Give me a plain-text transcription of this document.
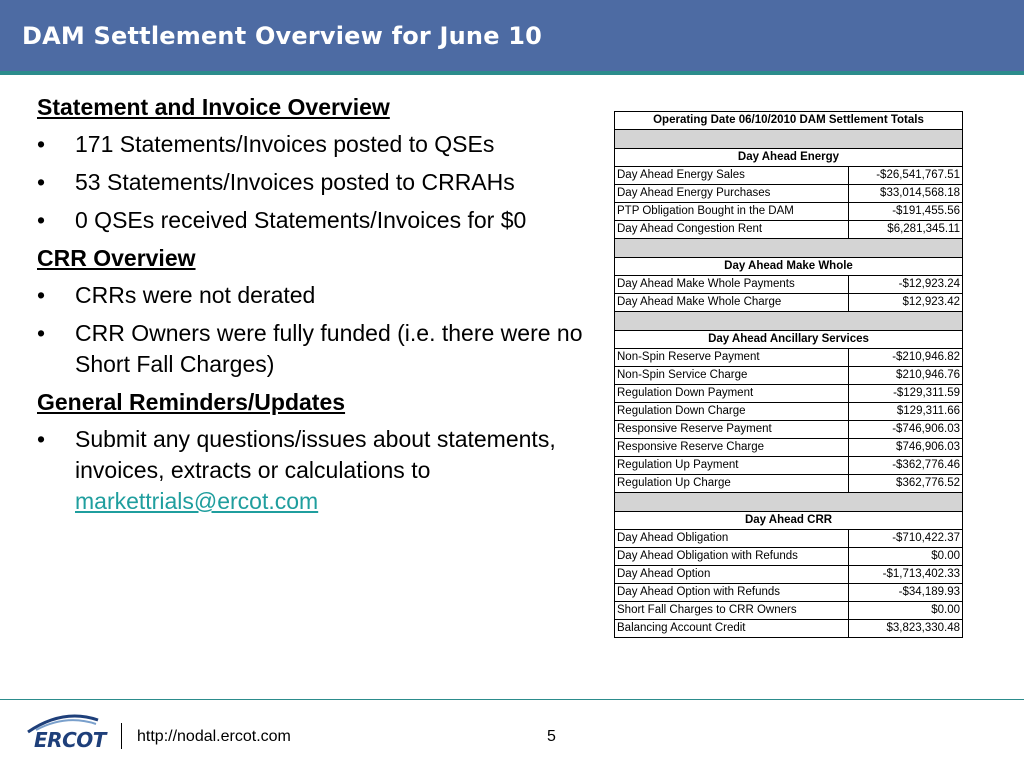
DAM Settlement Overview for June 10
Statement and Invoice Overview
• 171 Statements/Invoices posted to QSEs
• 53 Statements/Invoices posted to CRRAHs
• 0 QSEs received Statements/Invoices for $0
CRR Overview
• CRRs were not derated
• CRR Owners were fully funded (i.e. there were no Short Fall Charges)
General Reminders/Updates
• Submit any questions/issues about statements, invoices, extracts or calculations to markettrials@ercot.com
Operating Date 06/10/2010 DAM Settlement Totals	

Day Ahead Energy	
Day Ahead Energy Sales	-$26,541,767.51
Day Ahead Energy Purchases	$33,014,568.18
PTP Obligation Bought in the DAM	-$191,455.56
Day Ahead Congestion Rent	$6,281,345.11

Day Ahead Make Whole	
Day Ahead Make Whole Payments	-$12,923.24
Day Ahead Make Whole Charge	$12,923.42

Day Ahead Ancillary Services	
Non-Spin Reserve Payment	-$210,946.82
Non-Spin Service Charge	$210,946.76
Regulation Down Payment	-$129,311.59
Regulation Down Charge	$129,311.66
Responsive Reserve Payment	-$746,906.03
Responsive Reserve Charge	$746,906.03
Regulation Up Payment	-$362,776.46
Regulation Up Charge	$362,776.52

Day Ahead CRR	
Day Ahead Obligation	-$710,422.37
Day Ahead Obligation with Refunds	$0.00
Day Ahead Option	-$1,713,402.33
Day Ahead Option with Refunds	-$34,189.93
Short Fall Charges to CRR Owners	$0.00
Balancing Account Credit	$3,823,330.48
ERCOT http://nodal.ercot.com	5
